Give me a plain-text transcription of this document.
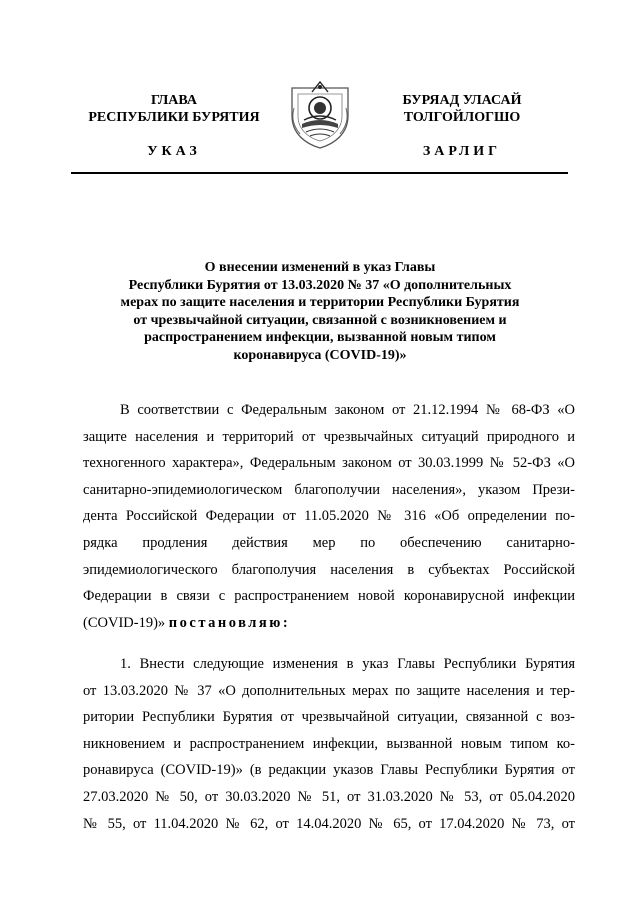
ГЛАВА
РЕСПУБЛИКИ БУРЯТИЯ
УКАЗ
БУРЯАД УЛАСАЙ
ТОЛГОЙЛОГШО
ЗАРЛИГ
О внесении изменений в указ Главы
Республики Бурятия от 13.03.2020 № 37 «О дополнительных
мерах по защите населения и территории Республики Бурятия
от чрезвычайной ситуации, связанной с возникновением и
распространением инфекции, вызванной новым типом
коронавируса (COVID-19)»
В соответствии с Федеральным законом от 21.12.1994 № 68-ФЗ «О
защите населения и территорий от чрезвычайных ситуаций природного и
техногенного характера», Федеральным законом от 30.03.1999 № 52-ФЗ «О
санитарно-эпидемиологическом благополучии населения», указом Прези-
дента Российской Федерации от 11.05.2020 № 316 «Об определении по-
рядка продления действия мер по обеспечению санитарно-
эпидемиологического благополучия населения в субъектах Российской
Федерации в связи с распространением новой коронавирусной инфекции
(COVID-19)» постановляю:
1. Внести следующие изменения в указ Главы Республики Бурятия
от 13.03.2020 № 37 «О дополнительных мерах по защите населения и тер-
ритории Республики Бурятия от чрезвычайной ситуации, связанной с воз-
никновением и распространением инфекции, вызванной новым типом ко-
ронавируса (COVID-19)» (в редакции указов Главы Республики Бурятия от
27.03.2020 № 50, от 30.03.2020 № 51, от 31.03.2020 № 53, от 05.04.2020
№ 55, от 11.04.2020 № 62, от 14.04.2020 № 65, от 17.04.2020 № 73, от
